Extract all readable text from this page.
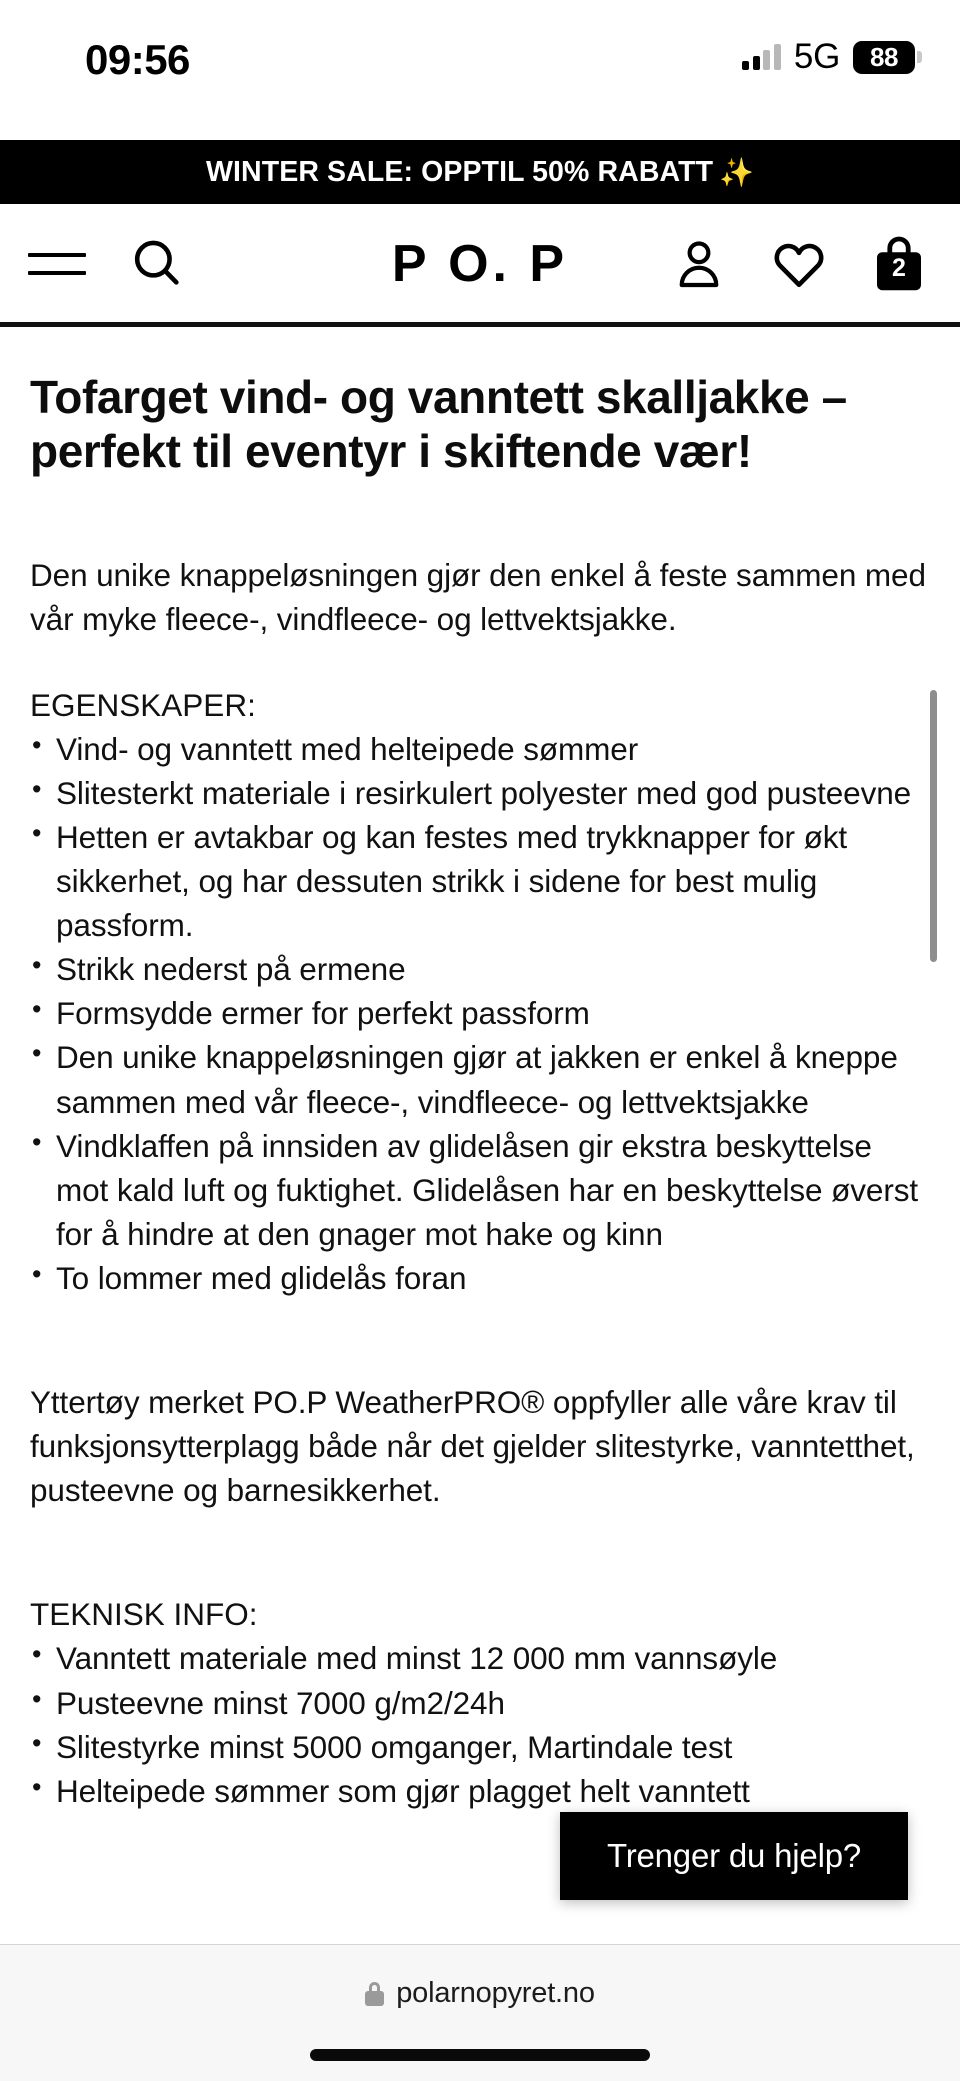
09:56	5G 88
WINTER SALE: OPPTIL 50% RABATT ✨
P O. P	2
Tofarget vind- og vanntett skalljakke – perfekt til eventyr i skiftende vær!

Den unike knappeløsningen gjør den enkel å feste sammen med vår myke fleece-, vindfleece- og lettvektsjakke.

EGENSKAPER:
• Vind- og vanntett med helteipede sømmer
• Slitesterkt materiale i resirkulert polyester med god pusteevne
• Hetten er avtakbar og kan festes med trykknapper for økt sikkerhet, og har dessuten strikk i sidene for best mulig passform.
• Strikk nederst på ermene
• Formsydde ermer for perfekt passform
• Den unike knappeløsningen gjør at jakken er enkel å kneppe sammen med vår fleece-, vindfleece- og lettvektsjakke
• Vindklaffen på innsiden av glidelåsen gir ekstra beskyttelse mot kald luft og fuktighet. Glidelåsen har en beskyttelse øverst for å hindre at den gnager mot hake og kinn
• To lommer med glidelås foran

Yttertøy merket PO.P WeatherPRO® oppfyller alle våre krav til funksjonsytterplagg både når det gjelder slitestyrke, vanntetthet, pusteevne og barnesikkerhet.

TEKNISK INFO:
• Vanntett materiale med minst 12 000 mm vannsøyle
• Pusteevne minst 7000 g/m2/24h
• Slitestyrke minst 5000 omganger, Martindale test
• Helteipede sømmer som gjør plagget helt vanntett
Trenger du hjelp?
polarnopyret.no
